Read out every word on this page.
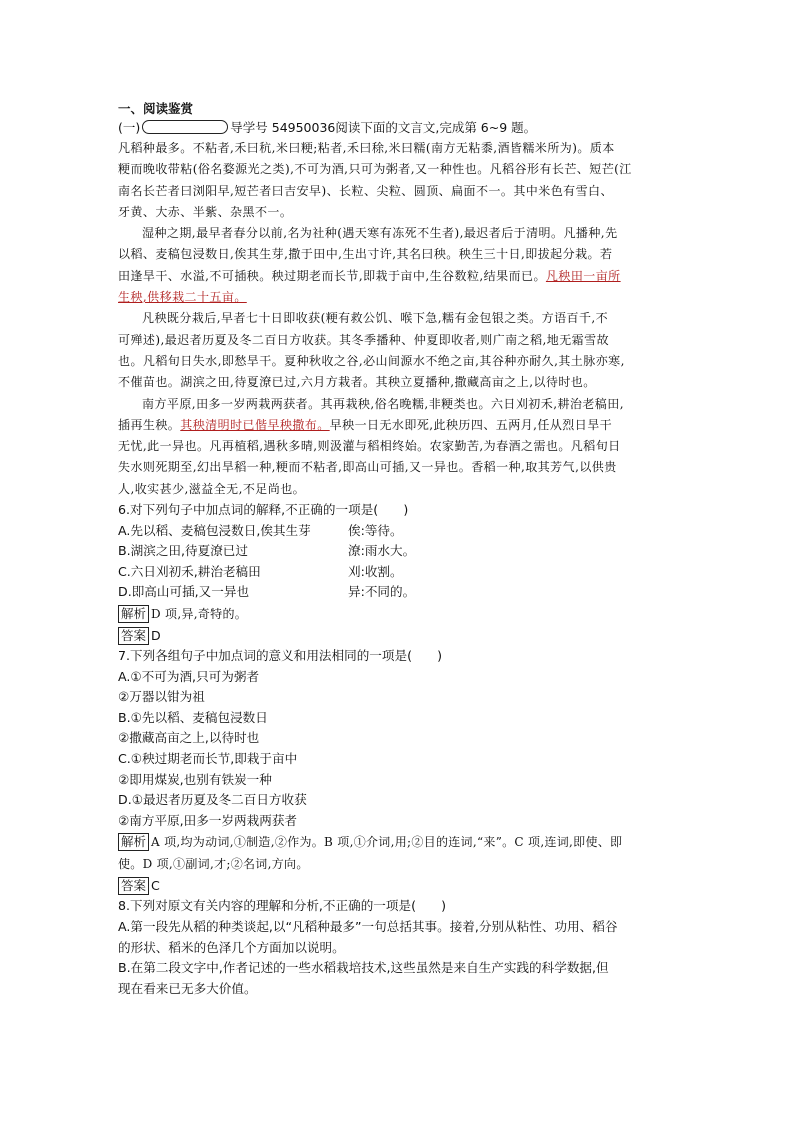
一、阅读鉴赏
(一)	导学号 54950036阅读下面的文言文,完成第 6~9 题。
凡稻种最多。不粘者,禾曰秔,米曰粳;粘者,禾曰稌,米曰糯(南方无粘黍,酒皆糯米所为)。质本
粳而晚收带粘(俗名婺源光之类),不可为酒,只可为粥者,又一种性也。凡稻谷形有长芒、短芒(江
南名长芒者曰浏阳早,短芒者曰吉安早)、长粒、尖粒、圆顶、扁面不一。其中米色有雪白、
牙黄、大赤、半紫、杂黑不一。
湿种之期,最早者春分以前,名为社种(遇天寒有冻死不生者),最迟者后于清明。凡播种,先
以稻、麦稿包浸数日,俟其生芽,撒于田中,生出寸许,其名曰秧。秧生三十日,即拔起分栽。若
田逢旱干、水溢,不可插秧。秧过期老而长节,即栽于亩中,生谷数粒,结果而已。凡秧田一亩所
生秧,供移栽二十五亩。
凡秧既分栽后,早者七十日即收获(粳有救公饥、喉下急,糯有金包银之类。方语百千,不
可殚述),最迟者历夏及冬二百日方收获。其冬季播种、仲夏即收者,则广南之稻,地无霜雪故
也。凡稻旬日失水,即愁旱干。夏种秋收之谷,必山间源水不绝之亩,其谷种亦耐久,其土脉亦寒,
不催苗也。湖滨之田,待夏潦已过,六月方栽者。其秧立夏播种,撒藏高亩之上,以待时也。
南方平原,田多一岁两栽两获者。其再栽秧,俗名晚糯,非粳类也。六日刈初禾,耕治老稿田,
插再生秧。其秧清明时已偕早秧撒布。早秧一日无水即死,此秧历四、五两月,任从烈日旱干
无忧,此一异也。凡再植稻,遇秋多晴,则汲灌与稻相终始。农家勤苦,为春酒之需也。凡稻旬日
失水则死期至,幻出旱稻一种,粳而不粘者,即高山可插,又一异也。香稻一种,取其芳气,以供贵
人,收实甚少,滋益全无,不足尚也。
6.对下列句子中加点词的解释,不正确的一项是(　　)
A.先以稻、麦稿包浸数日,俟其生芽	俟:等待。
B.湖滨之田,待夏潦已过	潦:雨水大。
C.六日刈初禾,耕治老稿田	刈:收割。
D.即高山可插,又一异也	异:不同的。
解析 D 项,异,奇特的。
答案 D
7.下列各组句子中加点词的意义和用法相同的一项是(　　)
A.①不可为酒,只可为粥者
②万器以钳为祖
B.①先以稻、麦稿包浸数日
②撒藏高亩之上,以待时也
C.①秧过期老而长节,即栽于亩中
②即用煤炭,也别有铁炭一种
D.①最迟者历夏及冬二百日方收获
②南方平原,田多一岁两栽两获者
解析 A 项,均为动词,①制造,②作为。B 项,①介词,用;②目的连词,“来”。C 项,连词,即使、即
使。D 项,①副词,才;②名词,方向。
答案 C
8.下列对原文有关内容的理解和分析,不正确的一项是(　　)
A.第一段先从稻的种类谈起,以“凡稻种最多”一句总括其事。接着,分别从粘性、功用、稻谷
的形状、稻米的色泽几个方面加以说明。
B.在第二段文字中,作者记述的一些水稻栽培技术,这些虽然是来自生产实践的科学数据,但
现在看来已无多大价值。
